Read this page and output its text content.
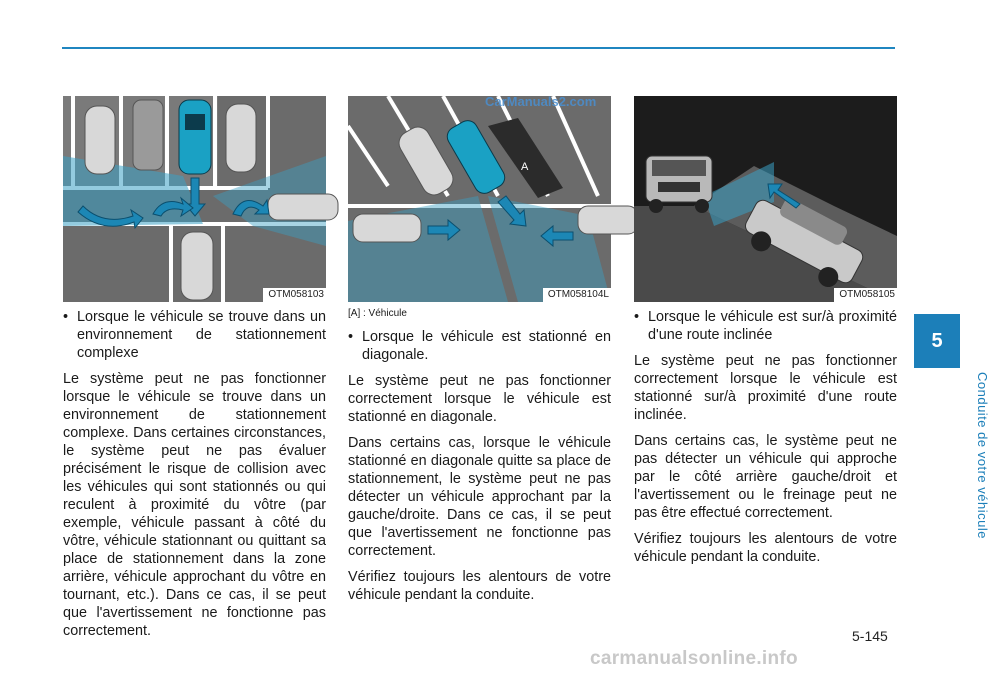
OTM058103
A
OTM058104L	OTM058105

• Lorsque le véhicule se trouve dans un environnement de stationnement complexe

Le système peut ne pas fonctionner lorsque le véhicule se trouve dans un environnement de stationnement complexe. Dans certaines circonstances, le système peut ne pas évaluer précisément le risque de collision avec les véhicules qui sont stationnés ou qui reculent à proximité du vôtre (par exemple, véhicule passant à côté du vôtre, véhicule stationnant ou quittant sa place de stationnement dans la zone arrière, véhicule approchant du vôtre en tournant, etc.). Dans ce cas, il se peut que l'avertissement ne fonctionne pas correctement.

[A] : Véhicule

• Lorsque le véhicule est stationné en diagonale.

Le système peut ne pas fonctionner correctement lorsque le véhicule est stationné en diagonale.

Dans certains cas, lorsque le véhicule stationné en diagonale quitte sa place de stationnement, le système peut ne pas détecter un véhicule approchant par la gauche/droite. Dans ce cas, il se peut que l'avertissement ne fonctionne pas correctement.

Vérifiez toujours les alentours de votre véhicule pendant la conduite.

• Lorsque le véhicule est sur/à proximité d'une route inclinée

Le système peut ne pas fonctionner correctement lorsque le véhicule est stationné sur/à proximité d'une route inclinée.

Dans certains cas, le système peut ne pas détecter un véhicule qui approche par le côté arrière gauche/droit et l'avertissement ou le freinage peut ne pas être effectué correctement.

Vérifiez toujours les alentours de votre véhicule pendant la conduite.

5
Conduite de votre véhicule
5-145
CarManuals2.com
carmanualsonline.info
